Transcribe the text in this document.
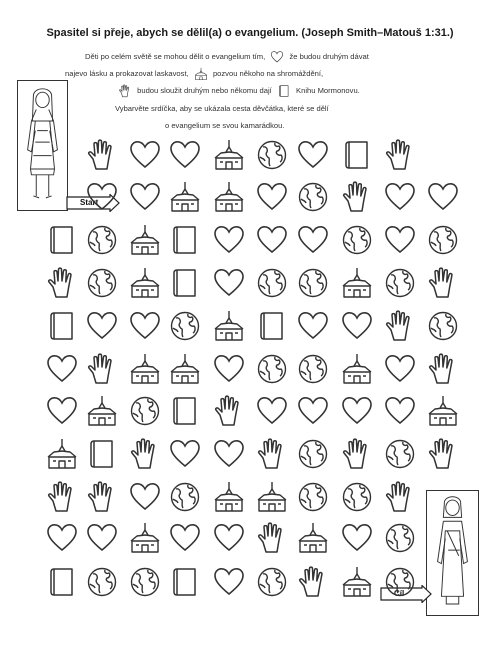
Spasitel si přeje, abych se dělil(a) o evangelium. (Joseph Smith–Matouš 1:31.)
Děti po celém světě se mohou dělit o evangelium tím,	že budou druhým dávat
najevo lásku a prokazovat laskavost,	pozvou někoho na shromáždění,
budou sloužit druhým nebo někomu dají	Knihu Mormonovu.
Vybarvěte srdíčka, aby se ukázala cesta děvčátka, které se dělí
o evangelium se svou kamarádkou.
Start
Cíl
